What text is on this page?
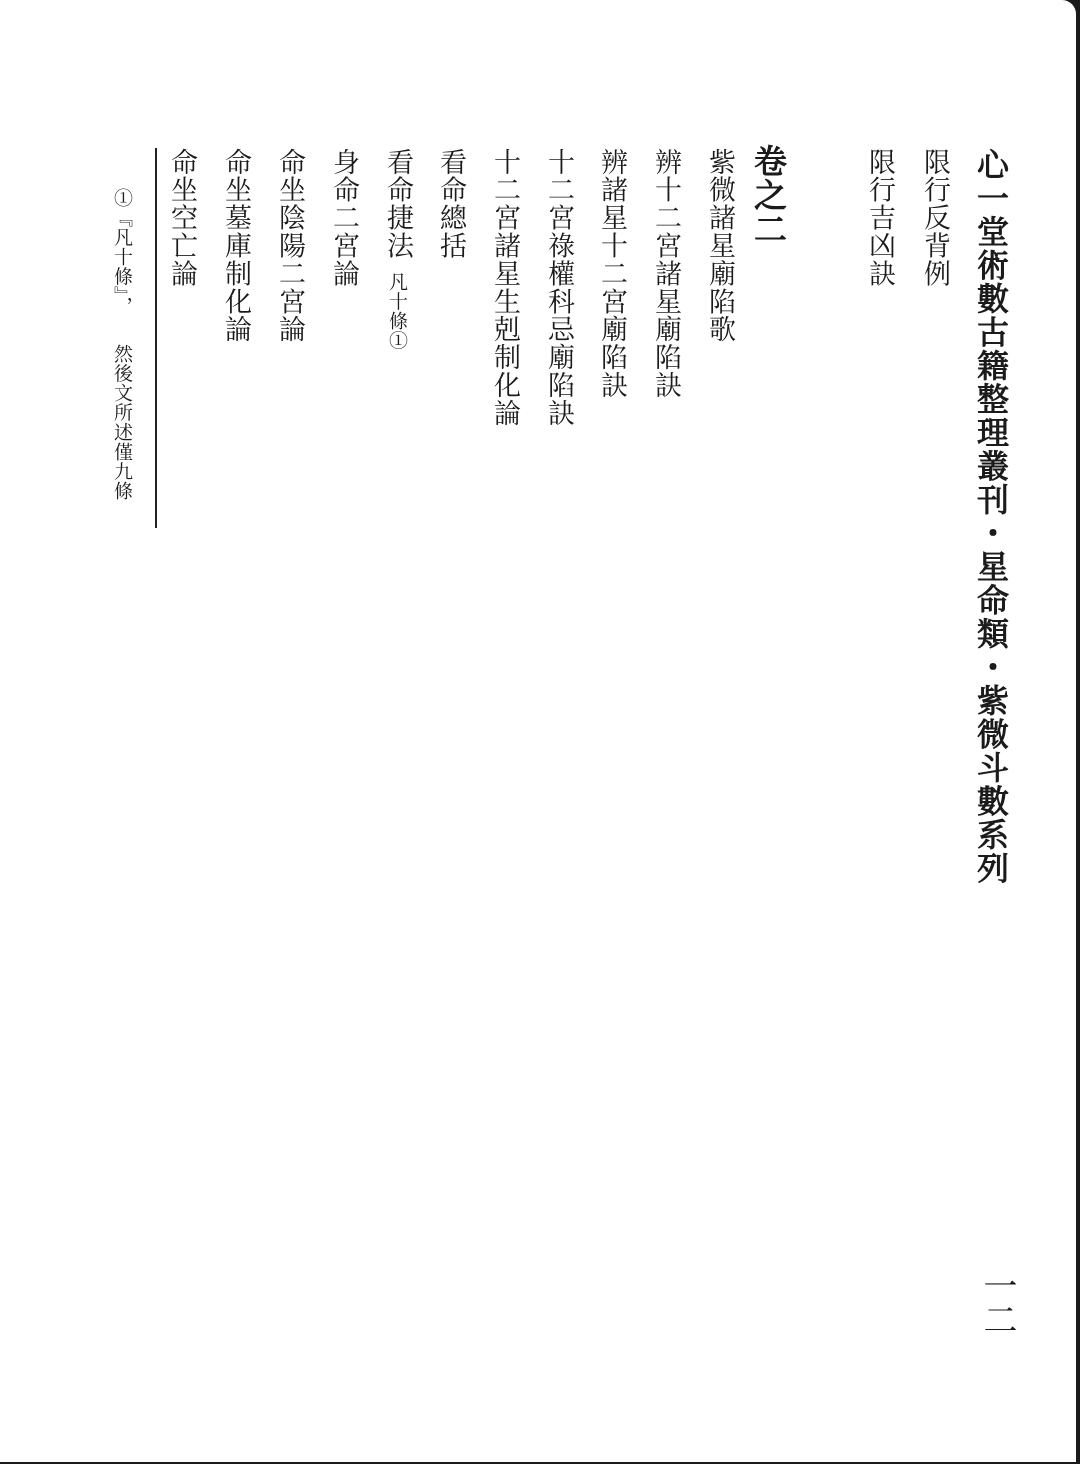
心一堂術數古籍整理叢刊・星命類・紫微斗數系列
限行反背例
限行吉凶訣
卷之二
紫微諸星廟陷歌
辨十二宮諸星廟陷訣
辨諸星十二宮廟陷訣
十二宮祿權科忌廟陷訣
十二宮諸星生剋制化論
看命總括
看命捷法凡十條①
身命二宮論
命坐陰陽二宮論
命坐墓庫制化論
命坐空亡論
①『凡十條』，然後文所述僅九條
一二
